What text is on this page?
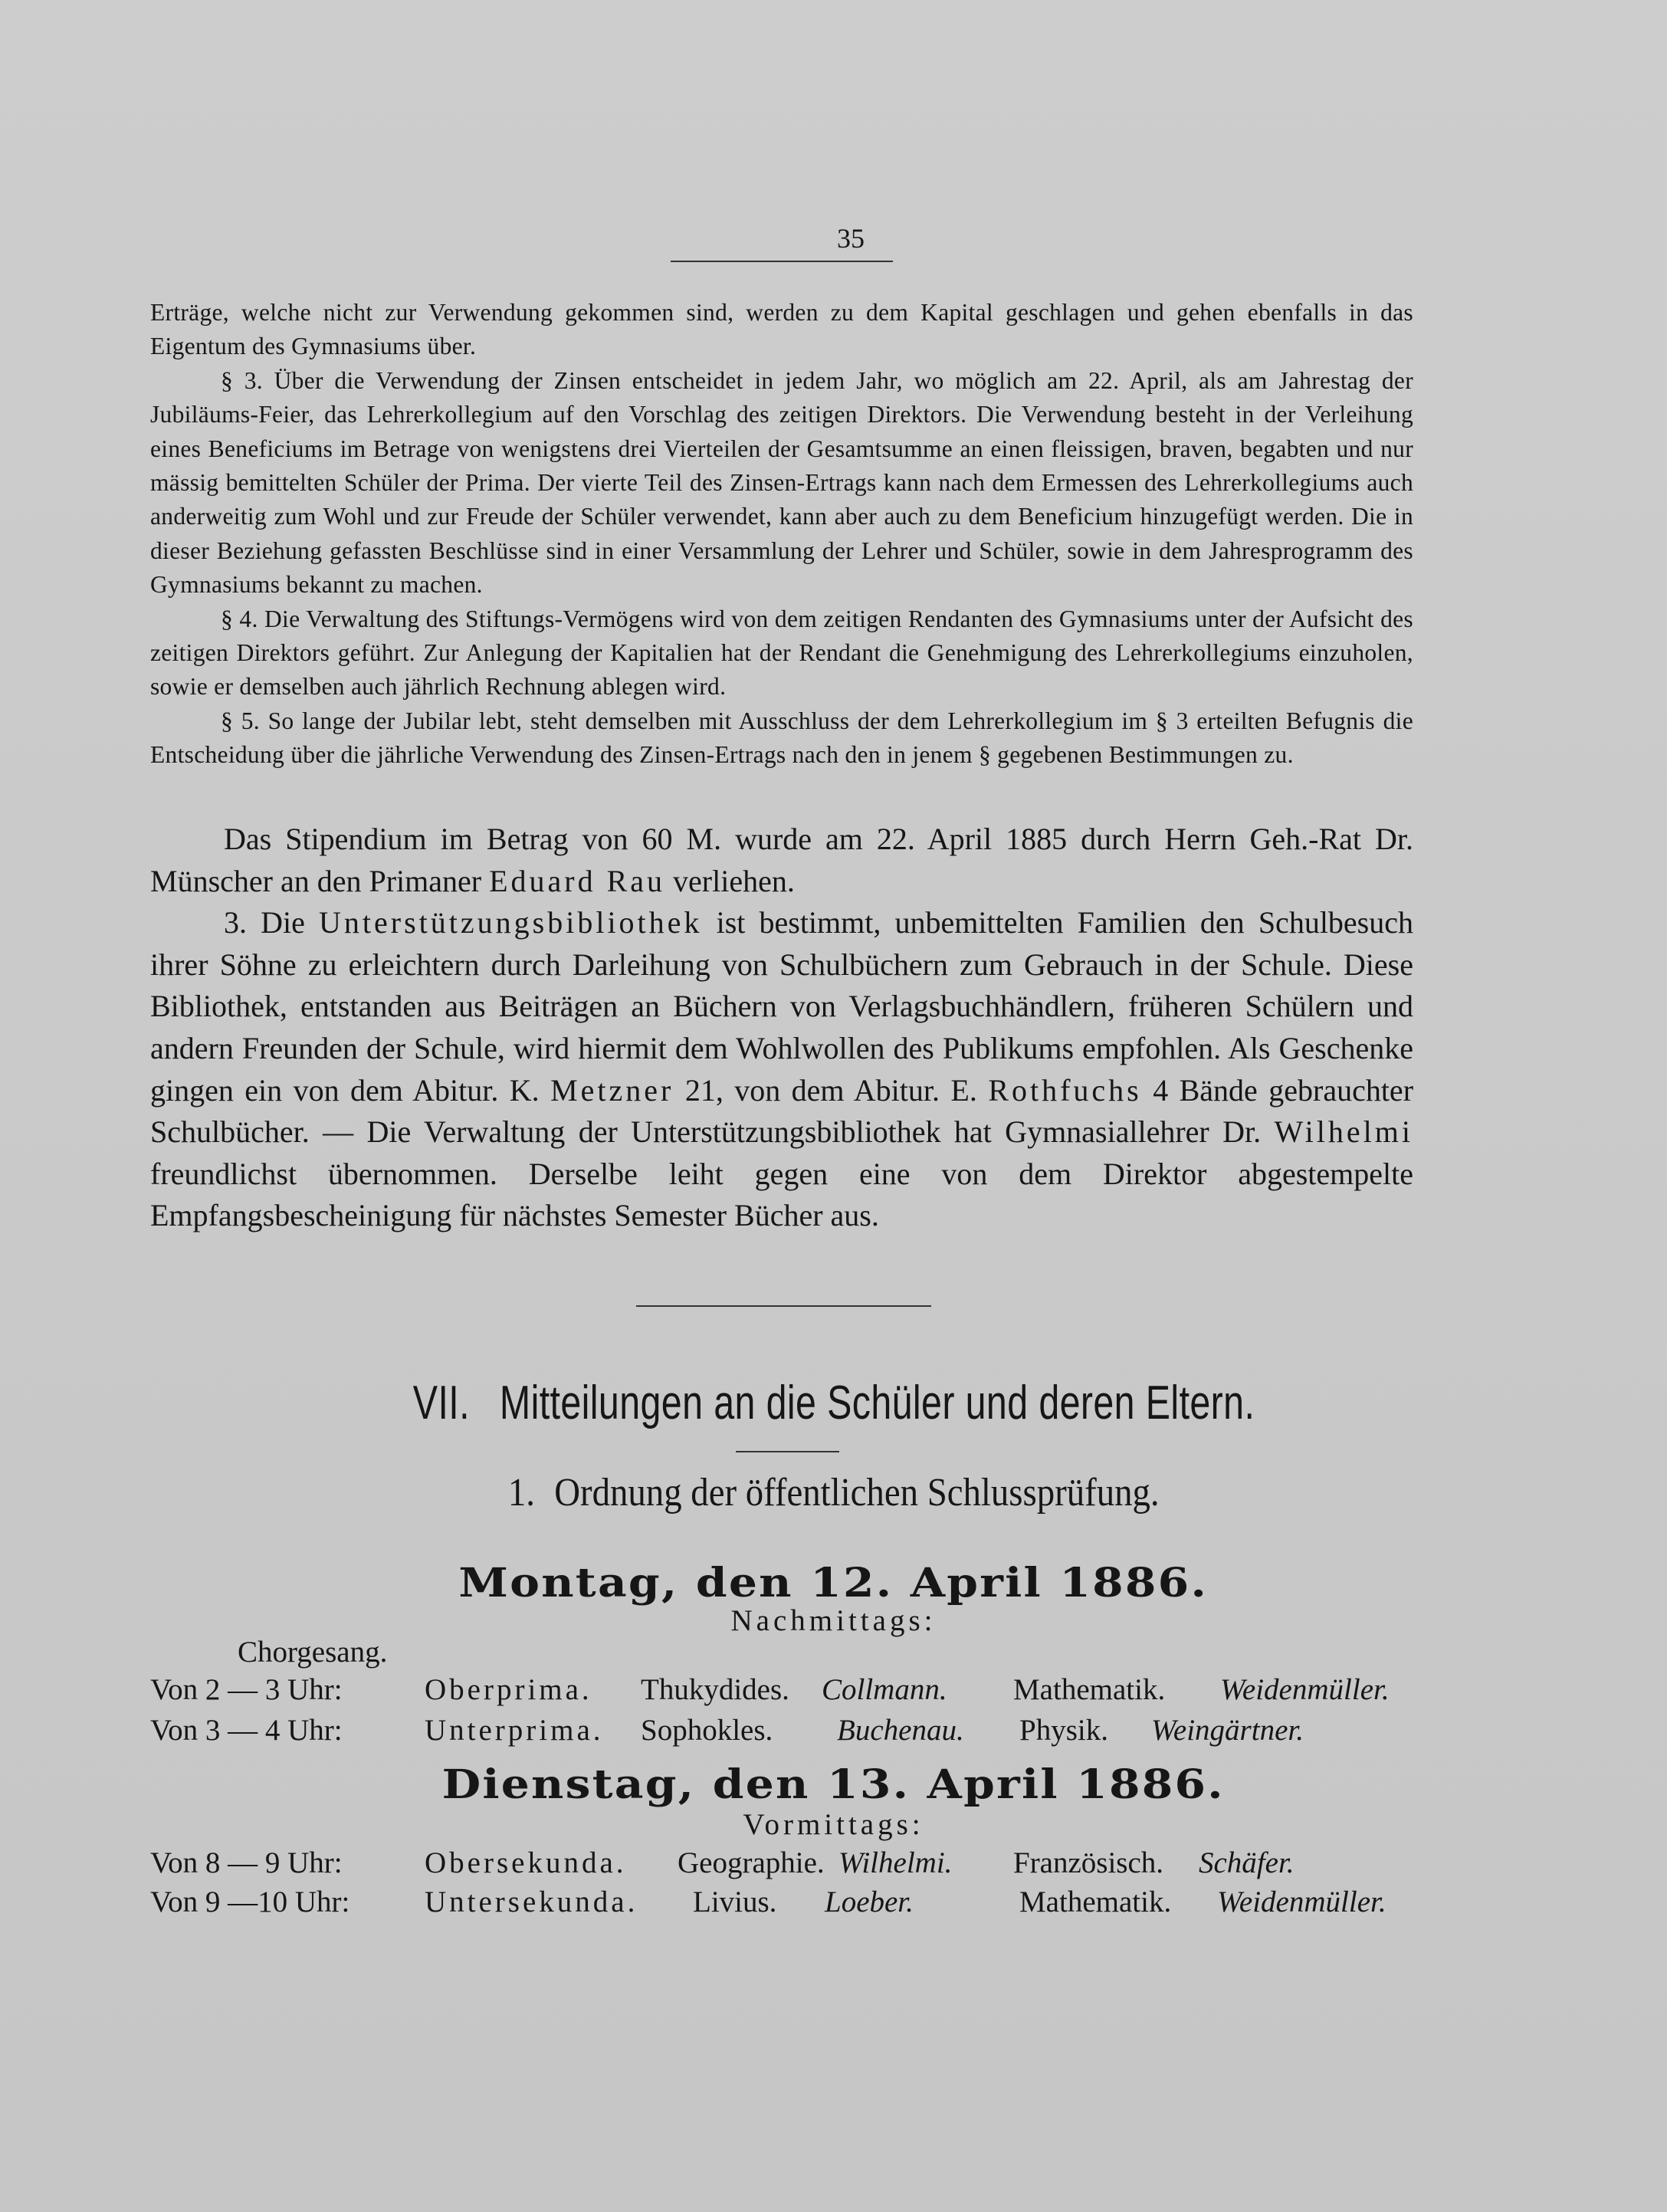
35

Erträge, welche nicht zur Verwendung gekommen sind, werden zu dem Kapital geschlagen und gehen ebenfalls in das Eigentum des Gymnasiums über.

§ 3. Über die Verwendung der Zinsen entscheidet in jedem Jahr, wo möglich am 22. April, als am Jahrestag der Jubiläums-Feier, das Lehrerkollegium auf den Vorschlag des zeitigen Direktors. Die Verwendung besteht in der Verleihung eines Beneficiums im Betrage von wenigstens drei Vierteilen der Gesamtsumme an einen fleissigen, braven, begabten und nur mässig bemittelten Schüler der Prima. Der vierte Teil des Zinsen-Ertrags kann nach dem Ermessen des Lehrerkollegiums auch anderweitig zum Wohl und zur Freude der Schüler verwendet, kann aber auch zu dem Beneficium hinzugefügt werden. Die in dieser Beziehung gefassten Beschlüsse sind in einer Versammlung der Lehrer und Schüler, sowie in dem Jahresprogramm des Gymnasiums bekannt zu machen.

§ 4. Die Verwaltung des Stiftungs-Vermögens wird von dem zeitigen Rendanten des Gymnasiums unter der Aufsicht des zeitigen Direktors geführt. Zur Anlegung der Kapitalien hat der Rendant die Genehmigung des Lehrerkollegiums einzuholen, sowie er demselben auch jährlich Rechnung ablegen wird.

§ 5. So lange der Jubilar lebt, steht demselben mit Ausschluss der dem Lehrerkollegium im § 3 erteilten Befugnis die Entscheidung über die jährliche Verwendung des Zinsen-Ertrags nach den in jenem § gegebenen Bestimmungen zu.

Das Stipendium im Betrag von 60 M. wurde am 22. April 1885 durch Herrn Geh.-Rat Dr. Münscher an den Primaner Eduard Rau verliehen.

3. Die Unterstützungsbibliothek ist bestimmt, unbemittelten Familien den Schulbesuch ihrer Söhne zu erleichtern durch Darleihung von Schulbüchern zum Gebrauch in der Schule. Diese Bibliothek, entstanden aus Beiträgen an Büchern von Verlagsbuchhändlern, früheren Schülern und andern Freunden der Schule, wird hiermit dem Wohlwollen des Publikums empfohlen. Als Geschenke gingen ein von dem Abitur. K. Metzner 21, von dem Abitur. E. Rothfuchs 4 Bände gebrauchter Schulbücher. — Die Verwaltung der Unterstützungsbibliothek hat Gymnasiallehrer Dr. Wilhelmi freundlichst übernommen. Derselbe leiht gegen eine von dem Direktor abgestempelte Empfangsbescheinigung für nächstes Semester Bücher aus.

VII. Mitteilungen an die Schüler und deren Eltern.
1. Ordnung der öffentlichen Schlussprüfung.
Montag, den 12. April 1886.
Nachmittags:
Chorgesang.
Von 2 — 3 Uhr:	Oberprima. Thukydides. Collmann. Mathematik. Weidenmüller.
Von 3 — 4 Uhr:	Unterprima. Sophokles. Buchenau. Physik. Weingärtner.
Dienstag, den 13. April 1886.
Vormittags:
Von 8 — 9 Uhr:	Obersekunda. Geographie. Wilhelmi. Französisch. Schäfer.
Von 9 —10 Uhr:	Untersekunda. Livius. Loeber.	Mathematik. Weidenmüller.
